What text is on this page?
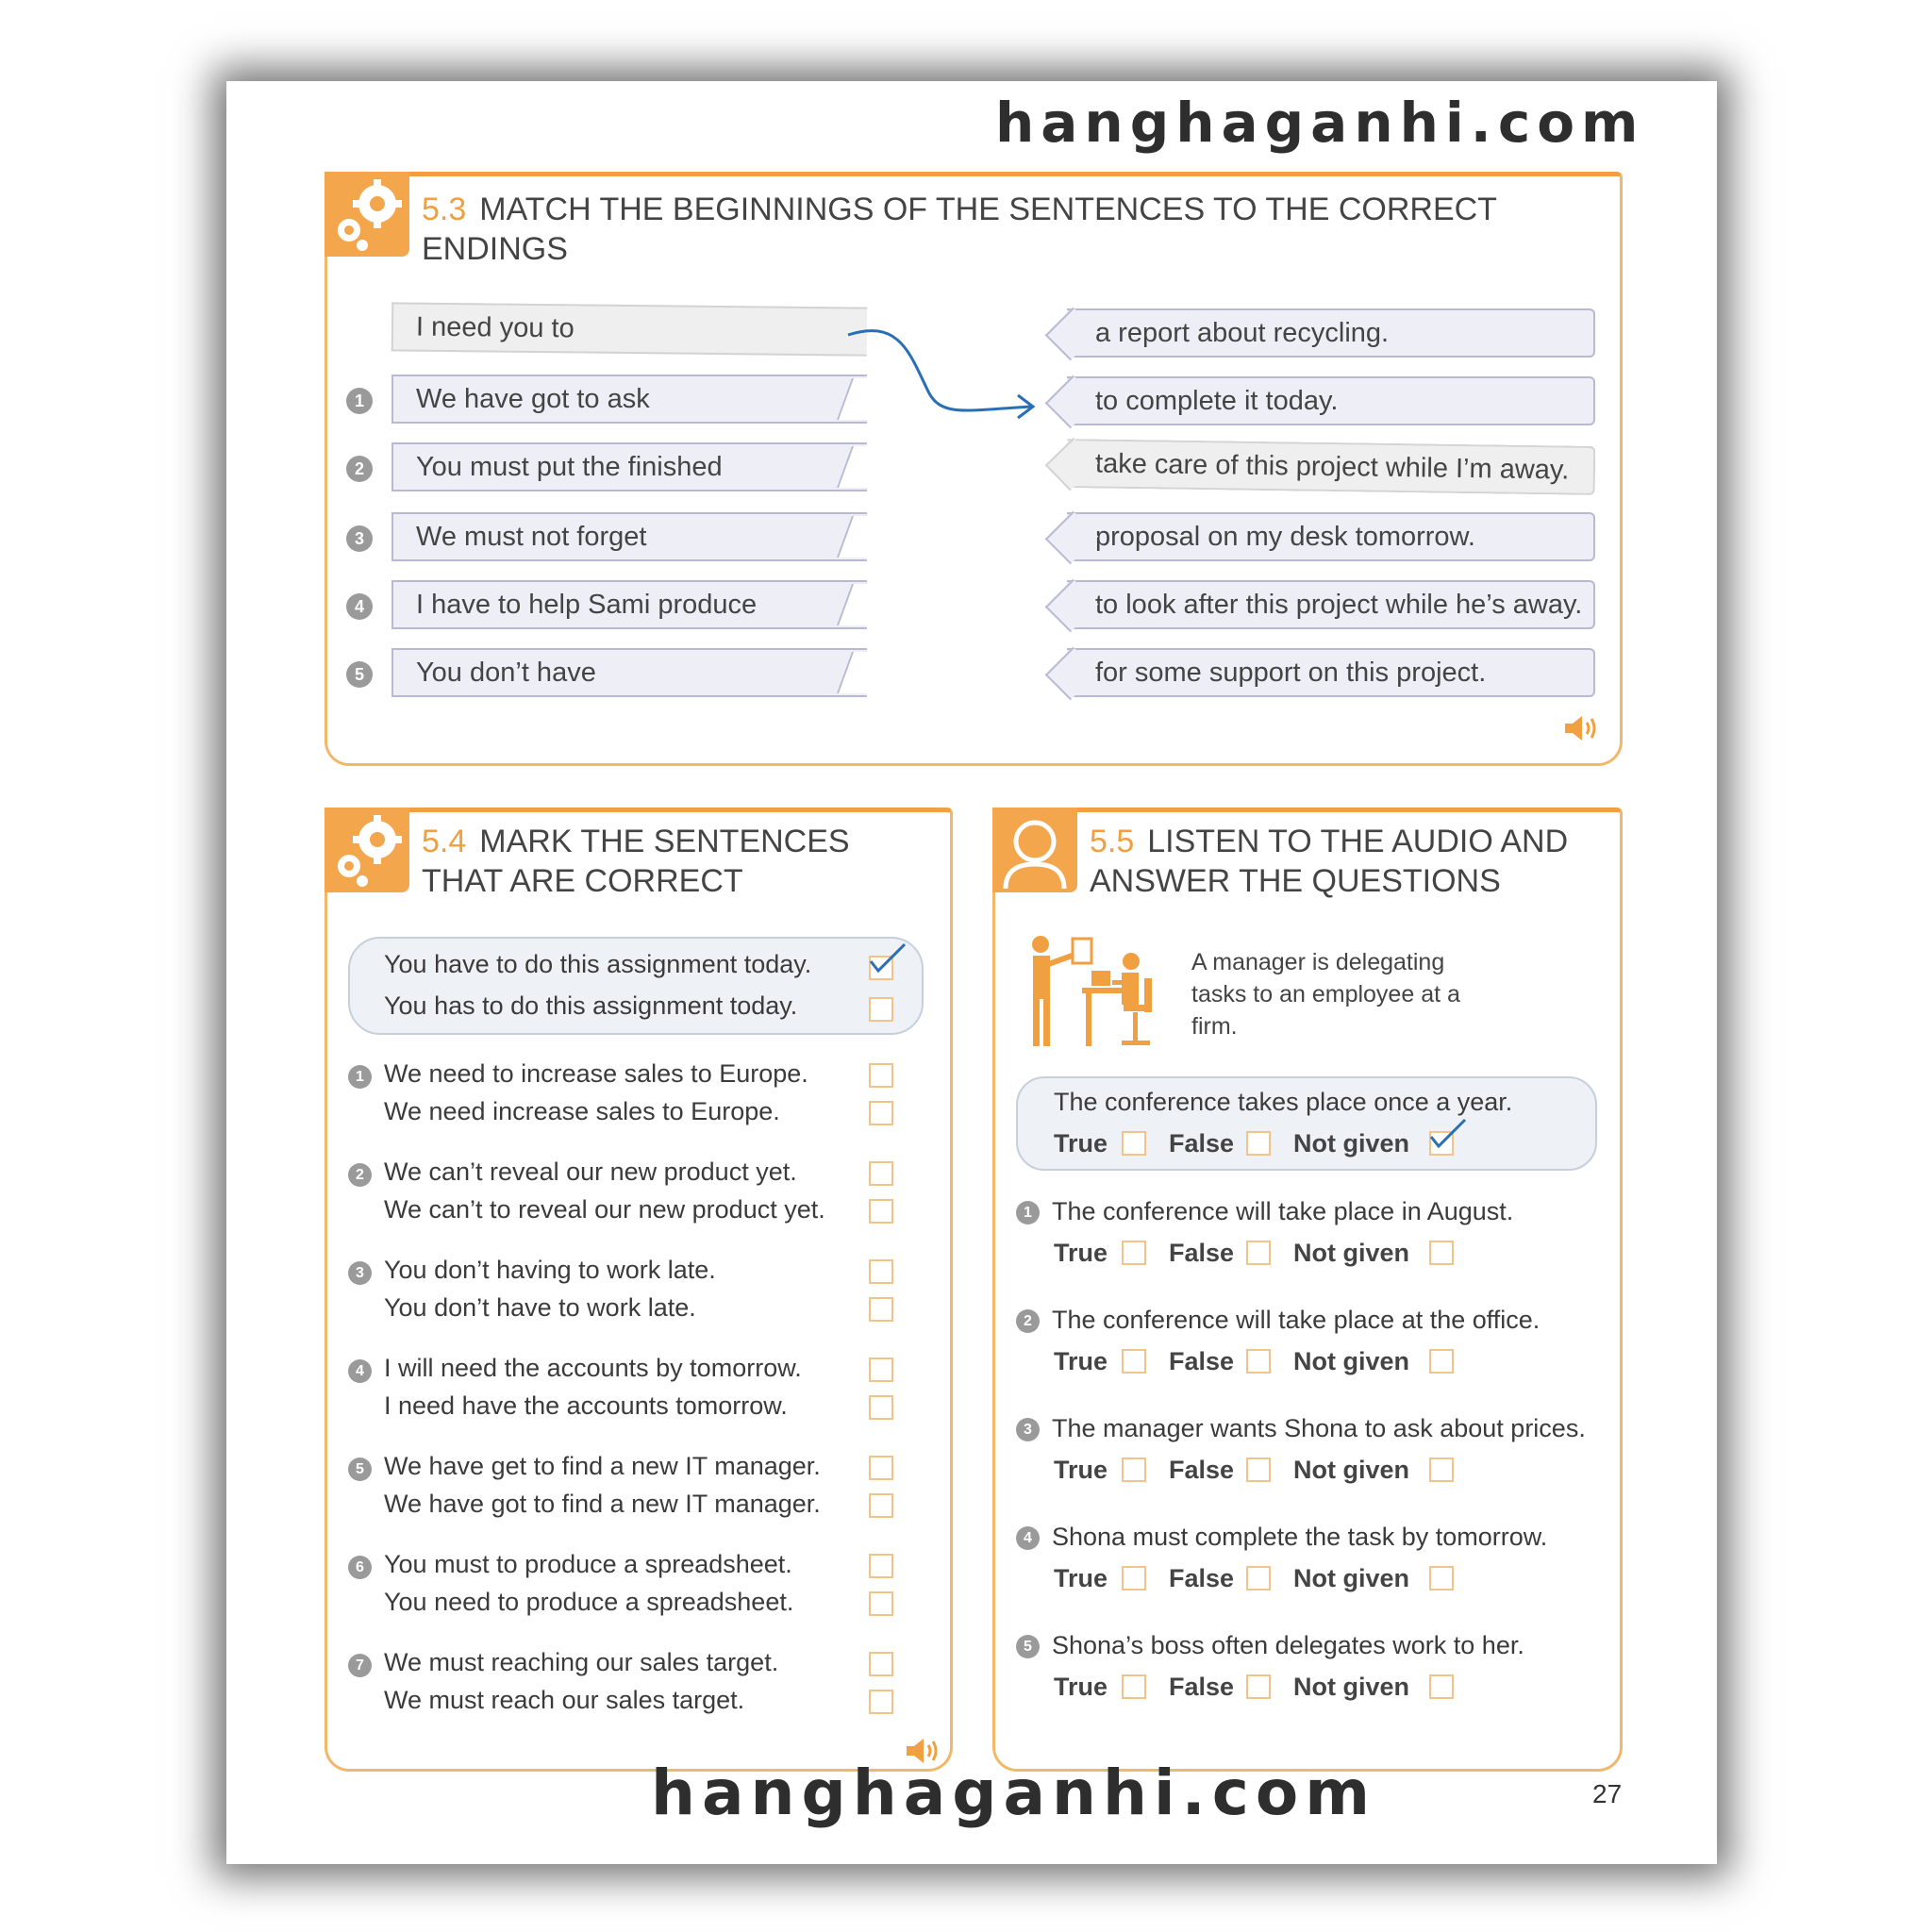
hanghaganhi.com
5.3 MATCH THE BEGINNINGS OF THE SENTENCES TO THE CORRECT ENDINGS
I need you to
1	We have got to ask
2	You must put the finished
3	We must not forget
4	I have to help Sami produce
5	You don’t have
a report about recycling.
to complete it today.
take care of this project while I’m away.
proposal on my desk tomorrow.
to look after this project while he’s away.
for some support on this project.
5.4 MARK THE SENTENCES
THAT ARE CORRECT
You have to do this assignment today.
You has to do this assignment today.
1 We need to increase sales to Europe.
We need increase sales to Europe.
2 We can’t reveal our new product yet.
We can’t to reveal our new product yet.
3 You don’t having to work late.
You don’t have to work late.
4 I will need the accounts by tomorrow.
I need have the accounts tomorrow.
5 We have get to find a new IT manager.
We have got to find a new IT manager.
6 You must to produce a spreadsheet.
You need to produce a spreadsheet.
7 We must reaching our sales target.
We must reach our sales target.
5.5 LISTEN TO THE AUDIO AND
ANSWER THE QUESTIONS
A manager is delegating tasks to an employee at a firm.
The conference takes place once a year.
True False Not given
1 The conference will take place in August.
True False Not given
2 The conference will take place at the office.
True False Not given
3 The manager wants Shona to ask about prices.
True False Not given
4 Shona must complete the task by tomorrow.
True False Not given
5 Shona’s boss often delegates work to her.
True False Not given
hanghaganhi.com	27
